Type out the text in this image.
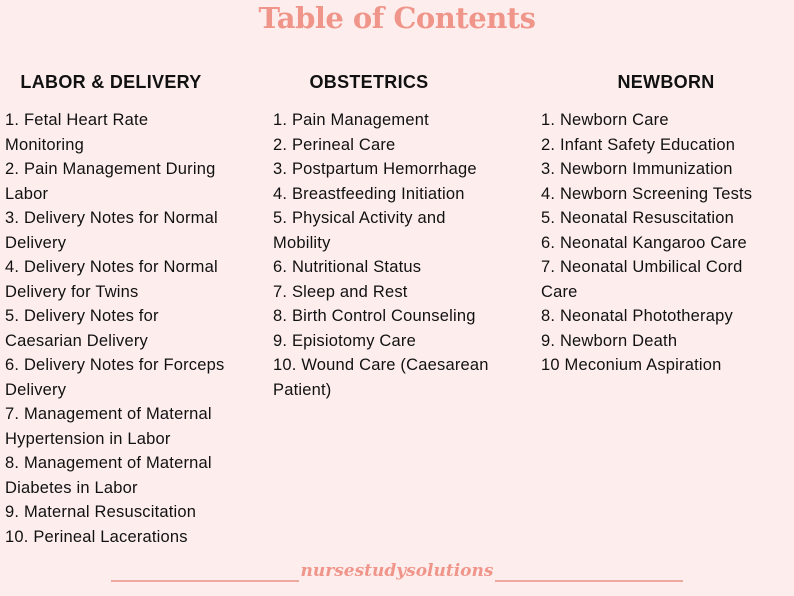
Table of Contents
LABOR & DELIVERY	OBSTETRICS	NEWBORN
1. Fetal Heart Rate
Monitoring
2. Pain Management During
Labor
3. Delivery Notes for Normal
Delivery
4. Delivery Notes for Normal
Delivery for Twins
5. Delivery Notes for
Caesarian Delivery
6. Delivery Notes for Forceps
Delivery
7. Management of Maternal
Hypertension in Labor
8. Management of Maternal
Diabetes in Labor
9. Maternal Resuscitation
10. Perineal Lacerations
1. Pain Management
2. Perineal Care
3. Postpartum Hemorrhage
4. Breastfeeding Initiation
5. Physical Activity and
Mobility
6. Nutritional Status
7. Sleep and Rest
8. Birth Control Counseling
9. Episiotomy Care
10. Wound Care (Caesarean
Patient)
1. Newborn Care
2. Infant Safety Education
3. Newborn Immunization
4. Newborn Screening Tests
5. Neonatal Resuscitation
6. Neonatal Kangaroo Care
7. Neonatal Umbilical Cord
Care
8. Neonatal Phototherapy
9. Newborn Death
10 Meconium Aspiration
nursestudysolutions
